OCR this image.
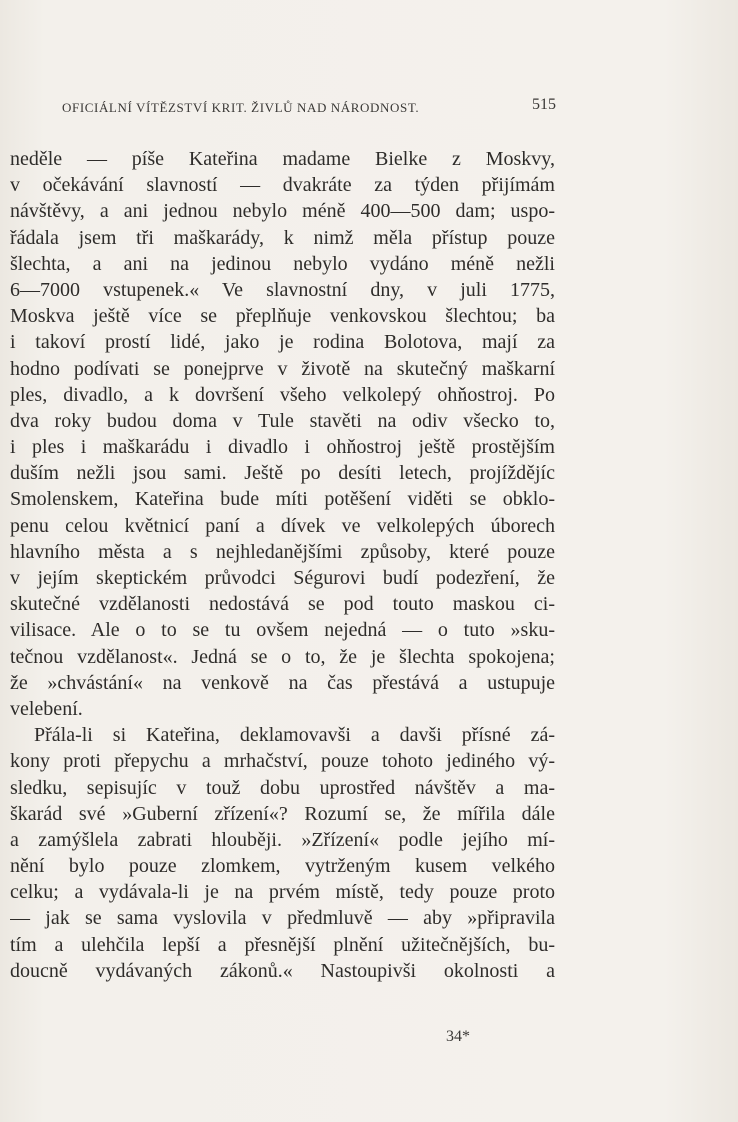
OFICIÁLNÍ VÍTĚZSTVÍ KRIT. ŽIVLŮ NAD NÁRODNOST.	515
neděle — píše Kateřina madame Bielke z Moskvy,
v očekávání slavností — dvakráte za týden přijímám
návštěvy, a ani jednou nebylo méně 400—500 dam; uspo-
řádala jsem tři maškarády, k nimž měla přístup pouze
šlechta, a ani na jedinou nebylo vydáno méně nežli
6—7000 vstupenek.« Ve slavnostní dny, v juli 1775,
Moskva ještě více se přeplňuje venkovskou šlechtou; ba
i takoví prostí lidé, jako je rodina Bolotova, mají za
hodno podívati se ponejprve v životě na skutečný maškarní
ples, divadlo, a k dovršení všeho velkolepý ohňostroj. Po
dva roky budou doma v Tule stavěti na odiv všecko to,
i ples i maškarádu i divadlo i ohňostroj ještě prostějším
duším nežli jsou sami. Ještě po desíti letech, projíždějíc
Smolenskem, Kateřina bude míti potěšení viděti se obklo-
penu celou květnicí paní a dívek ve velkolepých úborech
hlavního města a s nejhledanějšími způsoby, které pouze
v jejím skeptickém průvodci Ségurovi budí podezření, že
skutečné vzdělanosti nedostává se pod touto maskou ci-
vilisace. Ale o to se tu ovšem nejedná — o tuto »sku-
tečnou vzdělanost«. Jedná se o to, že je šlechta spokojena;
že »chvástání« na venkově na čas přestává a ustupuje
velebení.
Přála-li si Kateřina, deklamovavši a davši přísné zá-
kony proti přepychu a mrhačství, pouze tohoto jediného vý-
sledku, sepisujíc v touž dobu uprostřed návštěv a ma-
škarád své »Guberní zřízení«? Rozumí se, že mířila dále
a zamýšlela zabrati hlouběji. »Zřízení« podle jejího mí-
nění bylo pouze zlomkem, vytrženým kusem velkého
celku; a vydávala-li je na prvém místě, tedy pouze proto
— jak se sama vyslovila v předmluvě — aby »připravila
tím a ulehčila lepší a přesnější plnění užitečnějších, bu-
doucně vydávaných zákonů.« Nastoupivši okolnosti a
34*
